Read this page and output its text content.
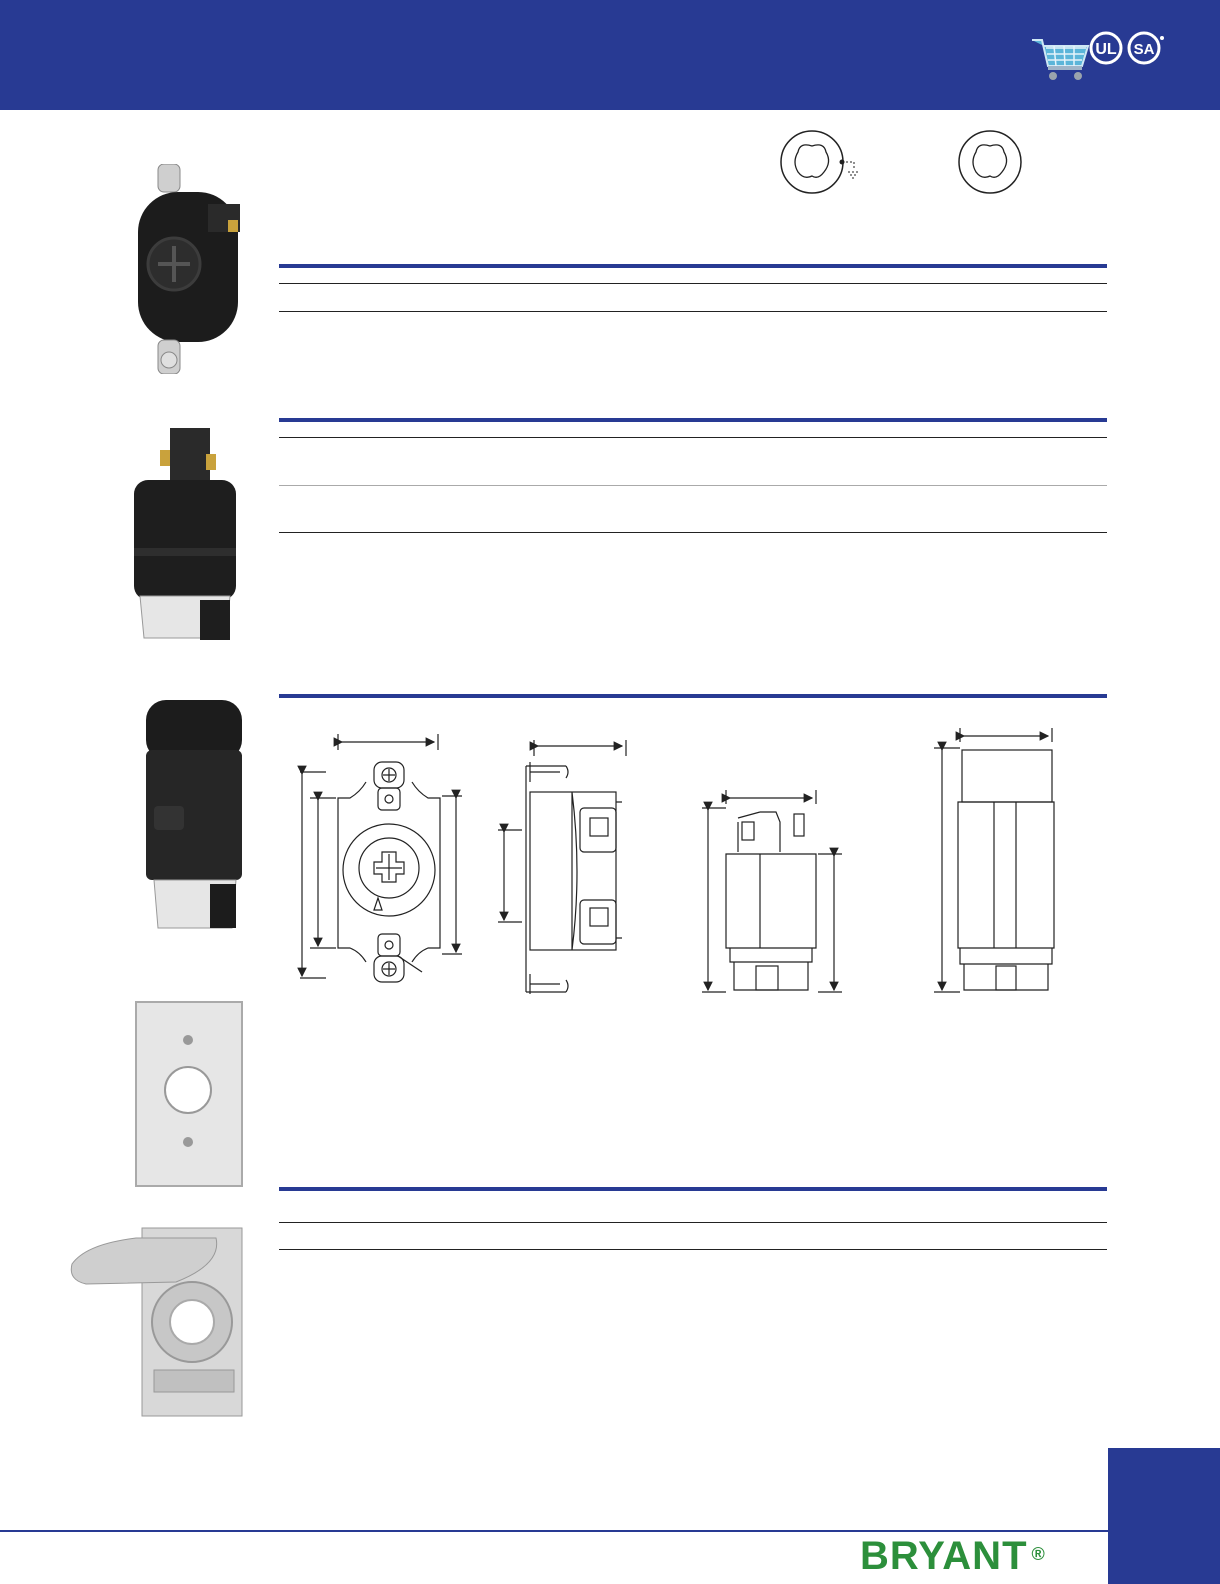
UL SA
BRYANT ®
